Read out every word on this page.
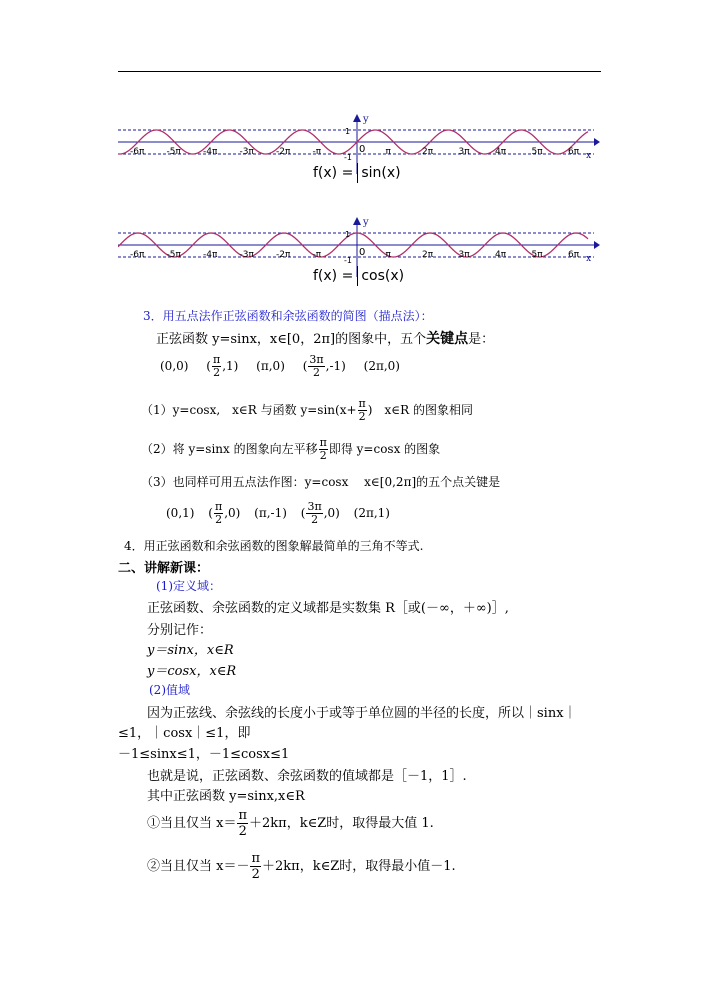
y
x
1
-1
0
-6π -5π -4π -3π -2π -π	π	2π	3π	4π	5π	6π
f(x) = sin(x)
y
x
1
-1
0
-6π -5π -4π -3π -2π -π	π	2π	3π	4π	5π	6π
f(x) = cos(x)
3．用五点法作正弦函数和余弦函数的简图（描点法）：
正弦函数 y=sinx，x∈[0，2π]的图象中，五个关键点是：
(0,0) ( $\frac{\pi}{2} ,1$) (π,0) ( $\frac{3\pi}{2} ,-1$) (2π,0)
（1）y=cosx,　x∈R 与函数 $y=\sin(x+ \frac{\pi}{2}$ )　x∈R 的图象相同
（2）将 y=sinx 的图象向左平移 $\frac{\pi}{2}$ 即得 y=cosx 的图象
（3）也同样可用五点法作图：y=cosx　 x∈[0,2π]的五个点关键是
(0,1) ( $\frac{\pi}{2} ,0$) (π,-1) ( $\frac{3\pi}{2} ,0$) (2π,1)
4．用正弦函数和余弦函数的图象解最简单的三角不等式.
二、讲解新课：
(1)定义域：
正弦函数、余弦函数的定义域都是实数集 R［或(－∞，＋∞)］,
分别记作：
y＝sinx，x∈R
y＝cosx，x∈R
(2)值域
因为正弦线、余弦线的长度小于或等于单位圆的半径的长度，所以｜sinx｜
≤1，｜cosx｜≤1，即
－1≤sinx≤1，－1≤cosx≤1
也就是说，正弦函数、余弦函数的值域都是［－1，1］.
其中正弦函数 y=sinx,x∈R
①当且仅当 $x= \frac{\pi}{2} +2k\pi$，k∈Z时，取得最大值 1.
②当且仅当 $x=- \frac{\pi}{2} +2k\pi$，k∈Z时，取得最小值－1.
